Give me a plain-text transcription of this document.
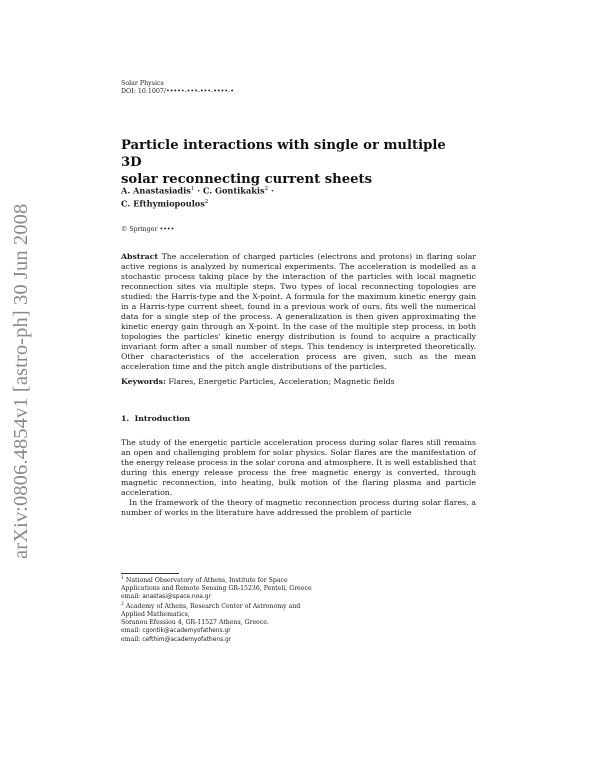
arXiv:0806.4854v1 [astro-ph] 30 Jun 2008
Solar Physics
DOI: 10.1007/•••••-•••-•••-••••-•
Particle interactions with single or multiple 3D
solar reconnecting current sheets
A. Anastasiadis$^1$ · C. Gontikakis$^2$ ·
C. Efthymiopoulos$^2$
© Springer ••••
Abstract The acceleration of charged particles (electrons and protons) in flaring solar active regions is analyzed by numerical experiments. The acceleration is modelled as a stochastic process taking place by the interaction of the particles with local magnetic reconnection sites via multiple steps. Two types of local reconnecting topologies are studied: the Harris-type and the X-point. A formula for the maximum kinetic energy gain in a Harris-type current sheet, found in a previous work of ours, fits well the numerical data for a single step of the process. A generalization is then given approximating the kinetic energy gain through an X-point. In the case of the multiple step process, in both topologies the particles' kinetic energy distribution is found to acquire a practically invariant form after a small number of steps. This tendency is interpreted theoretically. Other characteristics of the acceleration process are given, such as the mean acceleration time and the pitch angle distributions of the particles.
Keywords: Flares, Energetic Particles, Acceleration; Magnetic fields
1. Introduction

The study of the energetic particle acceleration process during solar flares still remains an open and challenging problem for solar physics. Solar flares are the manifestation of the energy release process in the solar corona and atmosphere. It is well established that during this energy release process the free magnetic energy is converted, through magnetic reconnection, into heating, bulk motion of the flaring plasma and particle acceleration.

In the framework of the theory of magnetic reconnection process during solar flares, a number of works in the literature have addressed the problem of particle

$^1$ National Observatory of Athens, Institute for Space
Applications and Remote Sensing GR-15236, Penteli, Greece
email: anastasi@space.noa.gr
$^2$ Academy of Athens, Research Center of Astronomy and
Applied Mathematics,
Soranou Efessiou 4, GR-11527 Athens, Greece.
email: cgontik@academyofathens.gr
email: cefthim@academyofathens.gr
